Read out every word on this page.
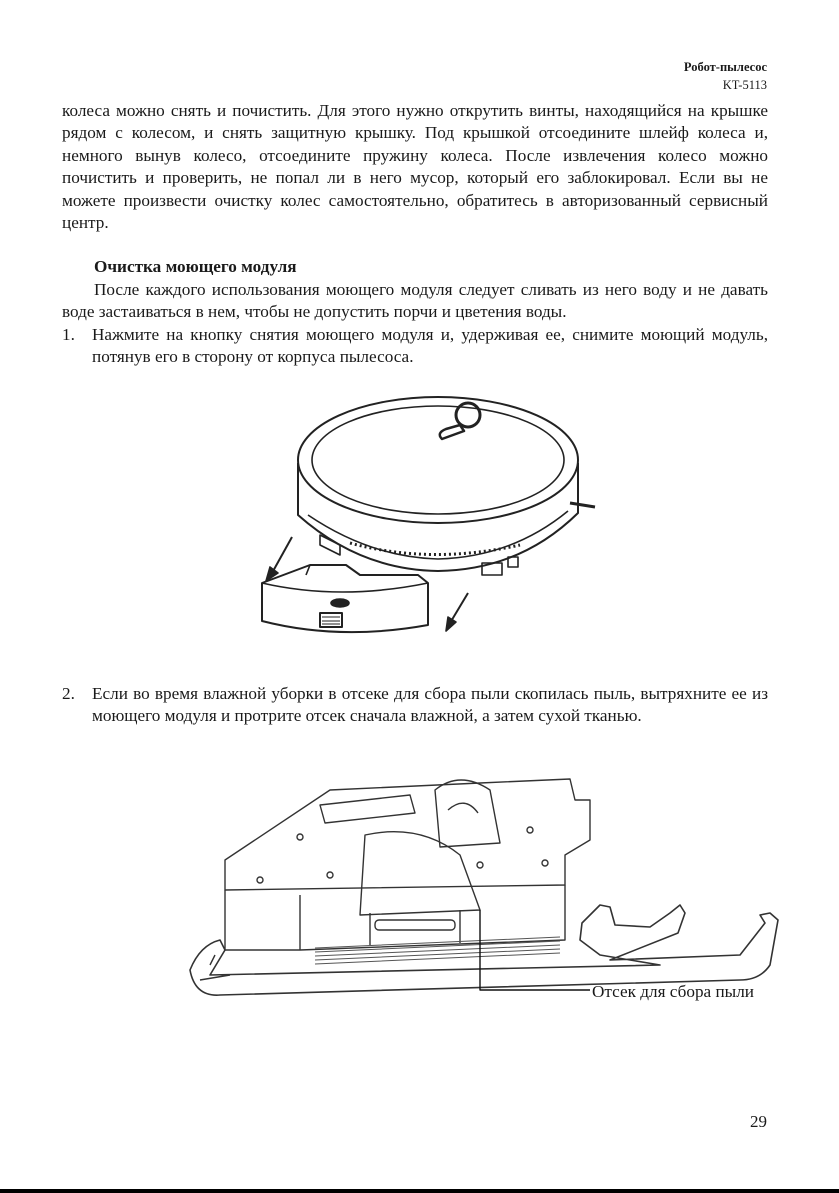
Робот-пылесос
KT-5113

колеса можно снять и почистить. Для этого нужно открутить винты, находящийся на крышке рядом с колесом, и снять защитную крышку. Под крышкой отсоедините шлейф колеса и, немного вынув колесо, отсоедините пружину колеса. После извлечения колесо можно почистить и проверить, не попал ли в него мусор, который его заблокировал. Если вы не можете произвести очистку колес самостоятельно, обратитесь в авторизованный сервисный центр.

Очистка моющего модуля

После каждого использования моющего модуля следует сливать из него воду и не давать воде застаиваться в нем, чтобы не допустить порчи и цветения воды.

1. Нажмите на кнопку снятия моющего модуля и, удерживая ее, снимите моющий модуль, потянув его в сторону от корпуса пылесоса.
2. Если во время влажной уборки в отсеке для сбора пыли скопилась пыль, вытряхните ее из моющего модуля и протрите отсек сначала влажной, а затем сухой тканью.
Отсек для сбора пыли
29
